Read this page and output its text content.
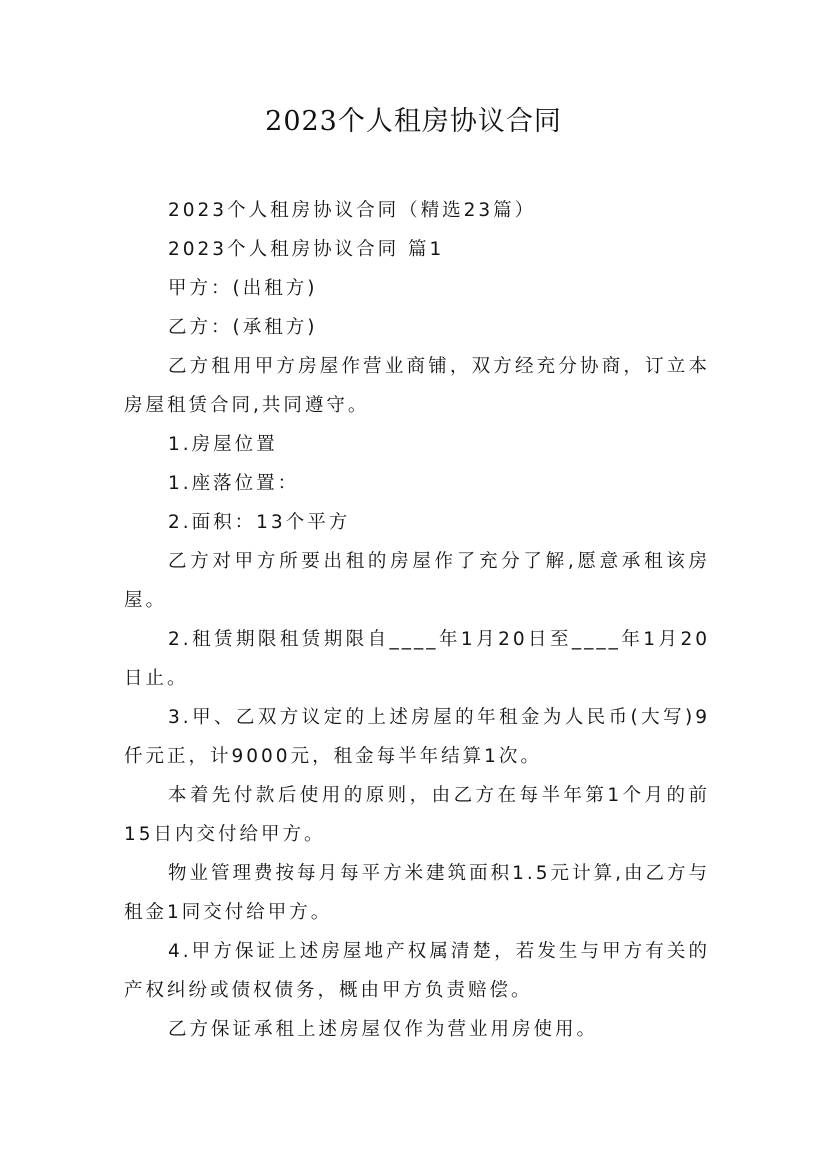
2023个人租房协议合同

2023个人租房协议合同（精选23篇）

2023个人租房协议合同 篇1

甲方：(出租方)

乙方：(承租方)

乙方租用甲方房屋作营业商铺，双方经充分协商，订立本房屋租赁合同,共同遵守。

1.房屋位置

1.座落位置：

2.面积：13个平方

乙方对甲方所要出租的房屋作了充分了解,愿意承租该房屋。

2.租赁期限租赁期限自____年1月20日至____年1月20日止。

3.甲、乙双方议定的上述房屋的年租金为人民币(大写)9仟元正，计9000元，租金每半年结算1次。

本着先付款后使用的原则，由乙方在每半年第1个月的前15日内交付给甲方。

物业管理费按每月每平方米建筑面积1.5元计算,由乙方与租金1同交付给甲方。

4.甲方保证上述房屋地产权属清楚，若发生与甲方有关的产权纠纷或债权债务，概由甲方负责赔偿。

乙方保证承租上述房屋仅作为营业用房使用。
